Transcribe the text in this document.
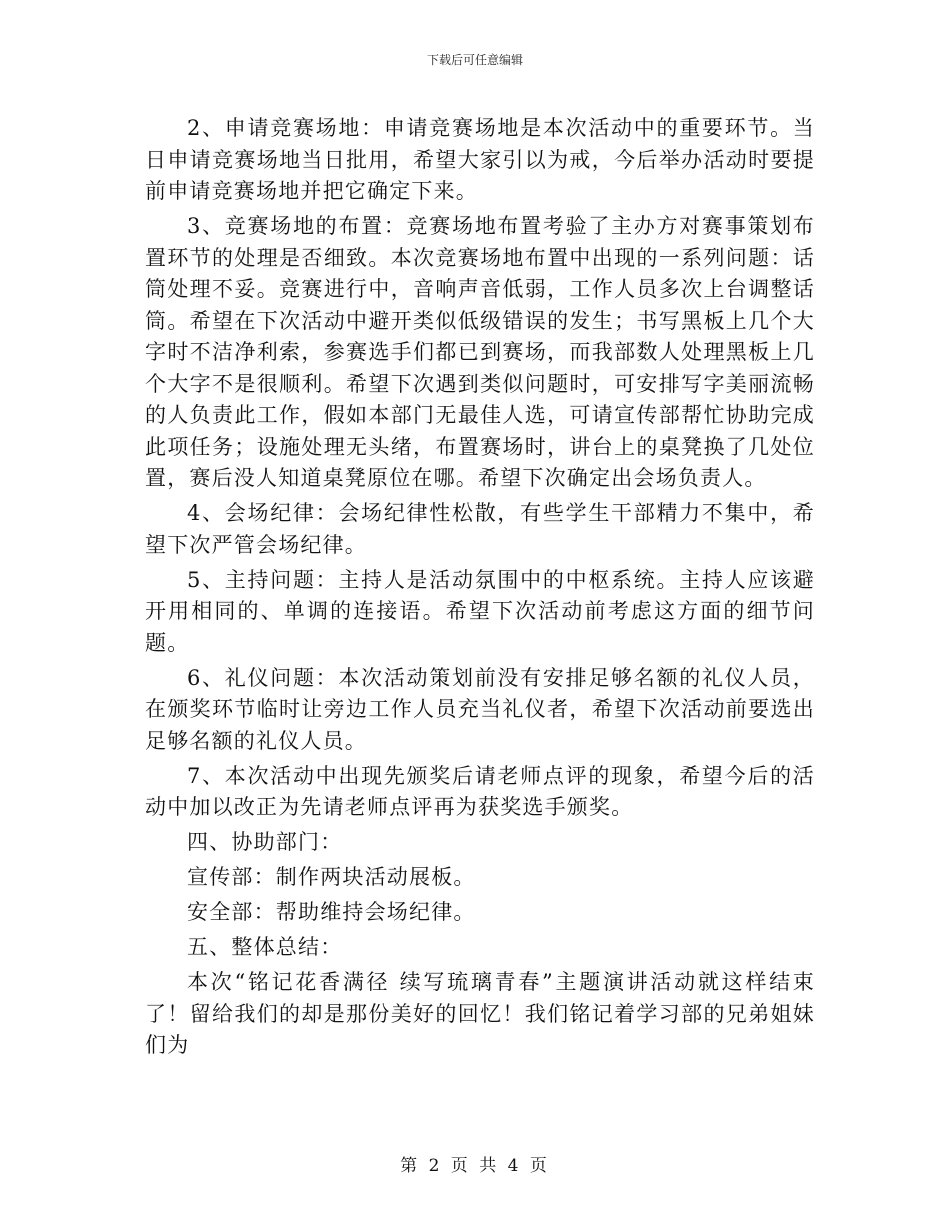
下载后可任意编辑

2、申请竞赛场地：申请竞赛场地是本次活动中的重要环节。当日申请竞赛场地当日批用，希望大家引以为戒，今后举办活动时要提前申请竞赛场地并把它确定下来。

3、竞赛场地的布置：竞赛场地布置考验了主办方对赛事策划布置环节的处理是否细致。本次竞赛场地布置中出现的一系列问题：话筒处理不妥。竞赛进行中，音响声音低弱，工作人员多次上台调整话筒。希望在下次活动中避开类似低级错误的发生；书写黑板上几个大字时不洁净利索，参赛选手们都已到赛场，而我部数人处理黑板上几个大字不是很顺利。希望下次遇到类似问题时，可安排写字美丽流畅的人负责此工作，假如本部门无最佳人选，可请宣传部帮忙协助完成此项任务；设施处理无头绪，布置赛场时，讲台上的桌凳换了几处位置，赛后没人知道桌凳原位在哪。希望下次确定出会场负责人。

4、会场纪律：会场纪律性松散，有些学生干部精力不集中，希望下次严管会场纪律。

5、主持问题：主持人是活动氛围中的中枢系统。主持人应该避开用相同的、单调的连接语。希望下次活动前考虑这方面的细节问题。

6、礼仪问题：本次活动策划前没有安排足够名额的礼仪人员，在颁奖环节临时让旁边工作人员充当礼仪者，希望下次活动前要选出足够名额的礼仪人员。

7、本次活动中出现先颁奖后请老师点评的现象，希望今后的活动中加以改正为先请老师点评再为获奖选手颁奖。

四、协助部门：

宣传部：制作两块活动展板。

安全部：帮助维持会场纪律。

五、整体总结：

本次“铭记花香满径 续写琉璃青春”主题演讲活动就这样结束了！留给我们的却是那份美好的回忆！我们铭记着学习部的兄弟姐妹们为

第 2 页 共 4 页
